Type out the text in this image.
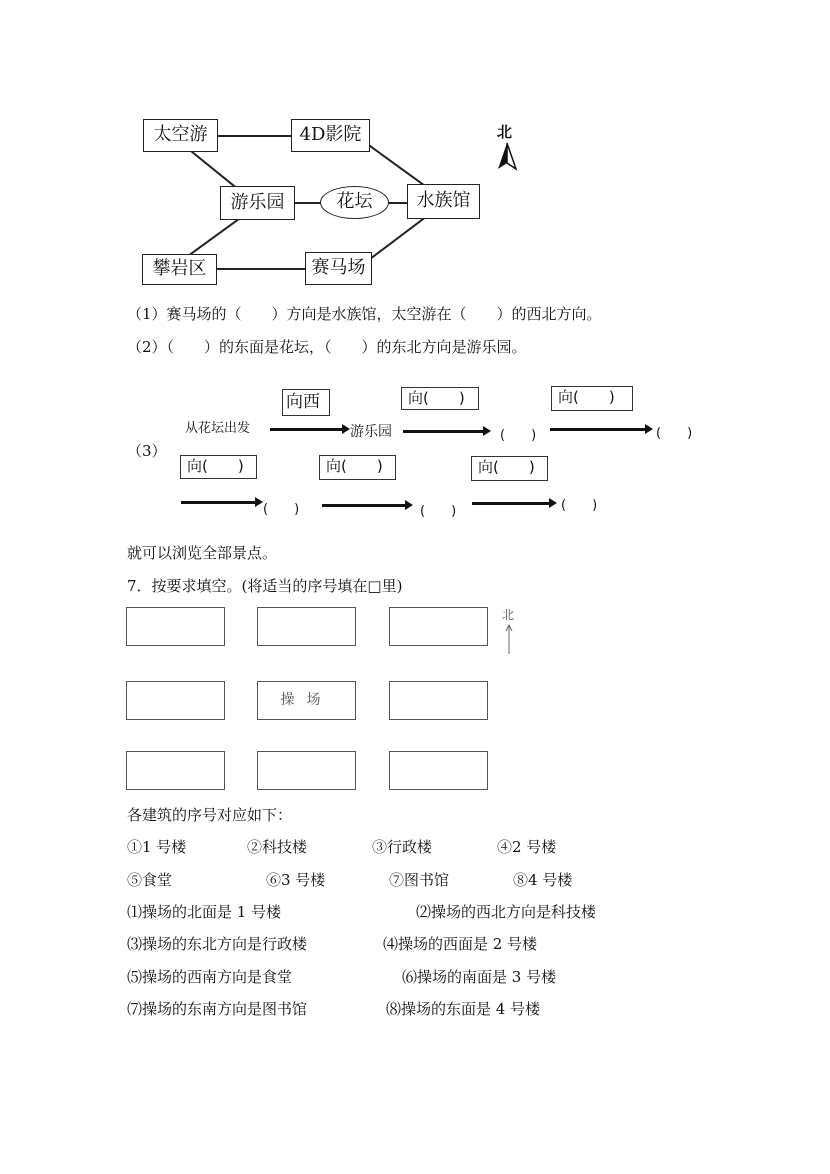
太空游	4D影院
游乐园	花坛	水族馆
攀岩区	赛马场
北
（1）赛马场的（　　）方向是水族馆，太空游在（　　）的西北方向。
（2）（　　）的东面是花坛，（　　）的东北方向是游乐园。
（3）
向西
从花坛出发	游乐园
向(　　)
(　　)
向(　　)
(　　)
向(　　)
(　　)
向(　　)
(　　)
向(　　)
(　　)
就可以浏览全部景点。
7．按要求填空。(将适当的序号填在□里)
操场
北
各建筑的序号对应如下：
①1 号楼	②科技楼	③行政楼	④2 号楼
⑤食堂	⑥3 号楼	⑦图书馆	⑧4 号楼
⑴操场的北面是 1 号楼	⑵操场的西北方向是科技楼
⑶操场的东北方向是行政楼	⑷操场的西面是 2 号楼
⑸操场的西南方向是食堂	⑹操场的南面是 3 号楼
⑺操场的东南方向是图书馆	⑻操场的东面是 4 号楼
